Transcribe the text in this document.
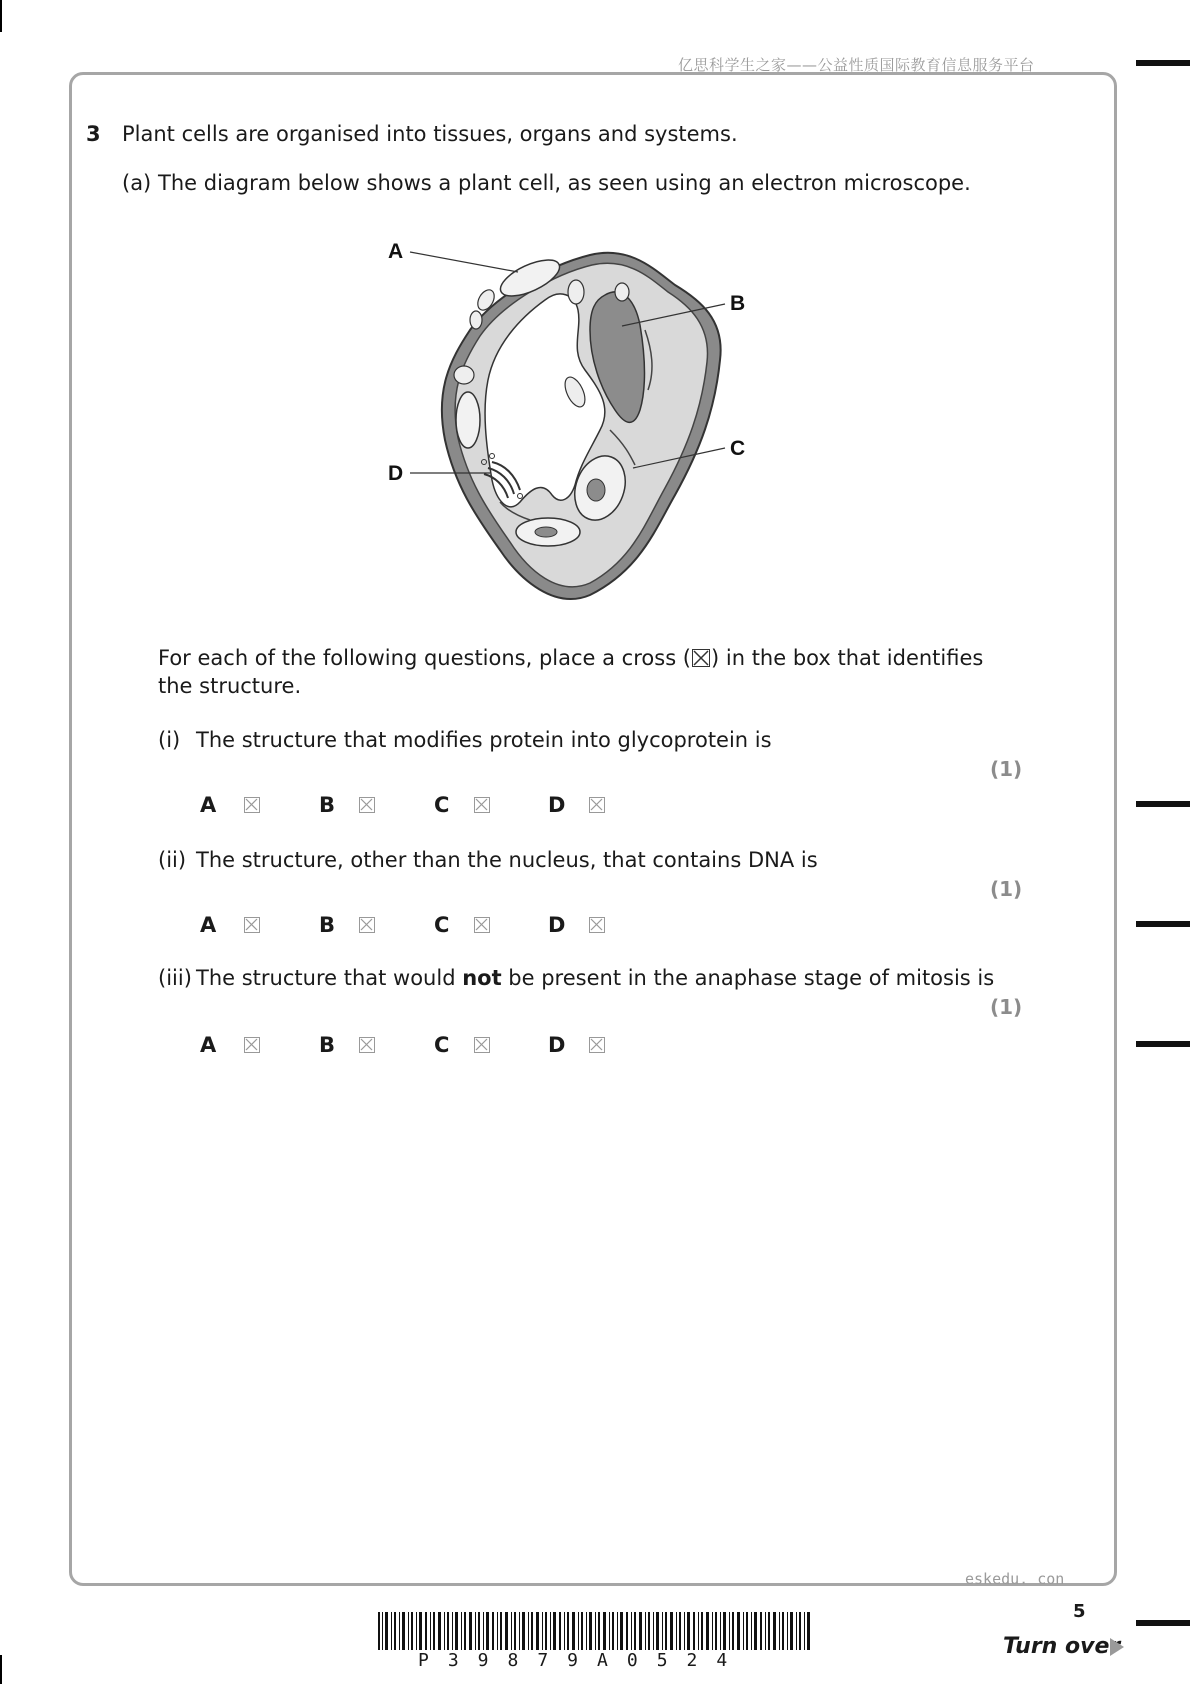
亿思科学生之家——公益性质国际教育信息服务平台
3 Plant cells are organised into tissues, organs and systems.
(a) The diagram below shows a plant cell, as seen using an electron microscope.
A
B
C
D
For each of the following questions, place a cross (☒) in the box that identifies the structure.
(i) The structure that modifies protein into glycoprotein is
(1)
A	B	C	D
(ii) The structure, other than the nucleus, that contains DNA is
(1)
A	B	C	D
(iii) The structure that would not be present in the anaphase stage of mitosis is
(1)
A	B	C	D
eskedu. con
5
Turn over
P39879A0524
